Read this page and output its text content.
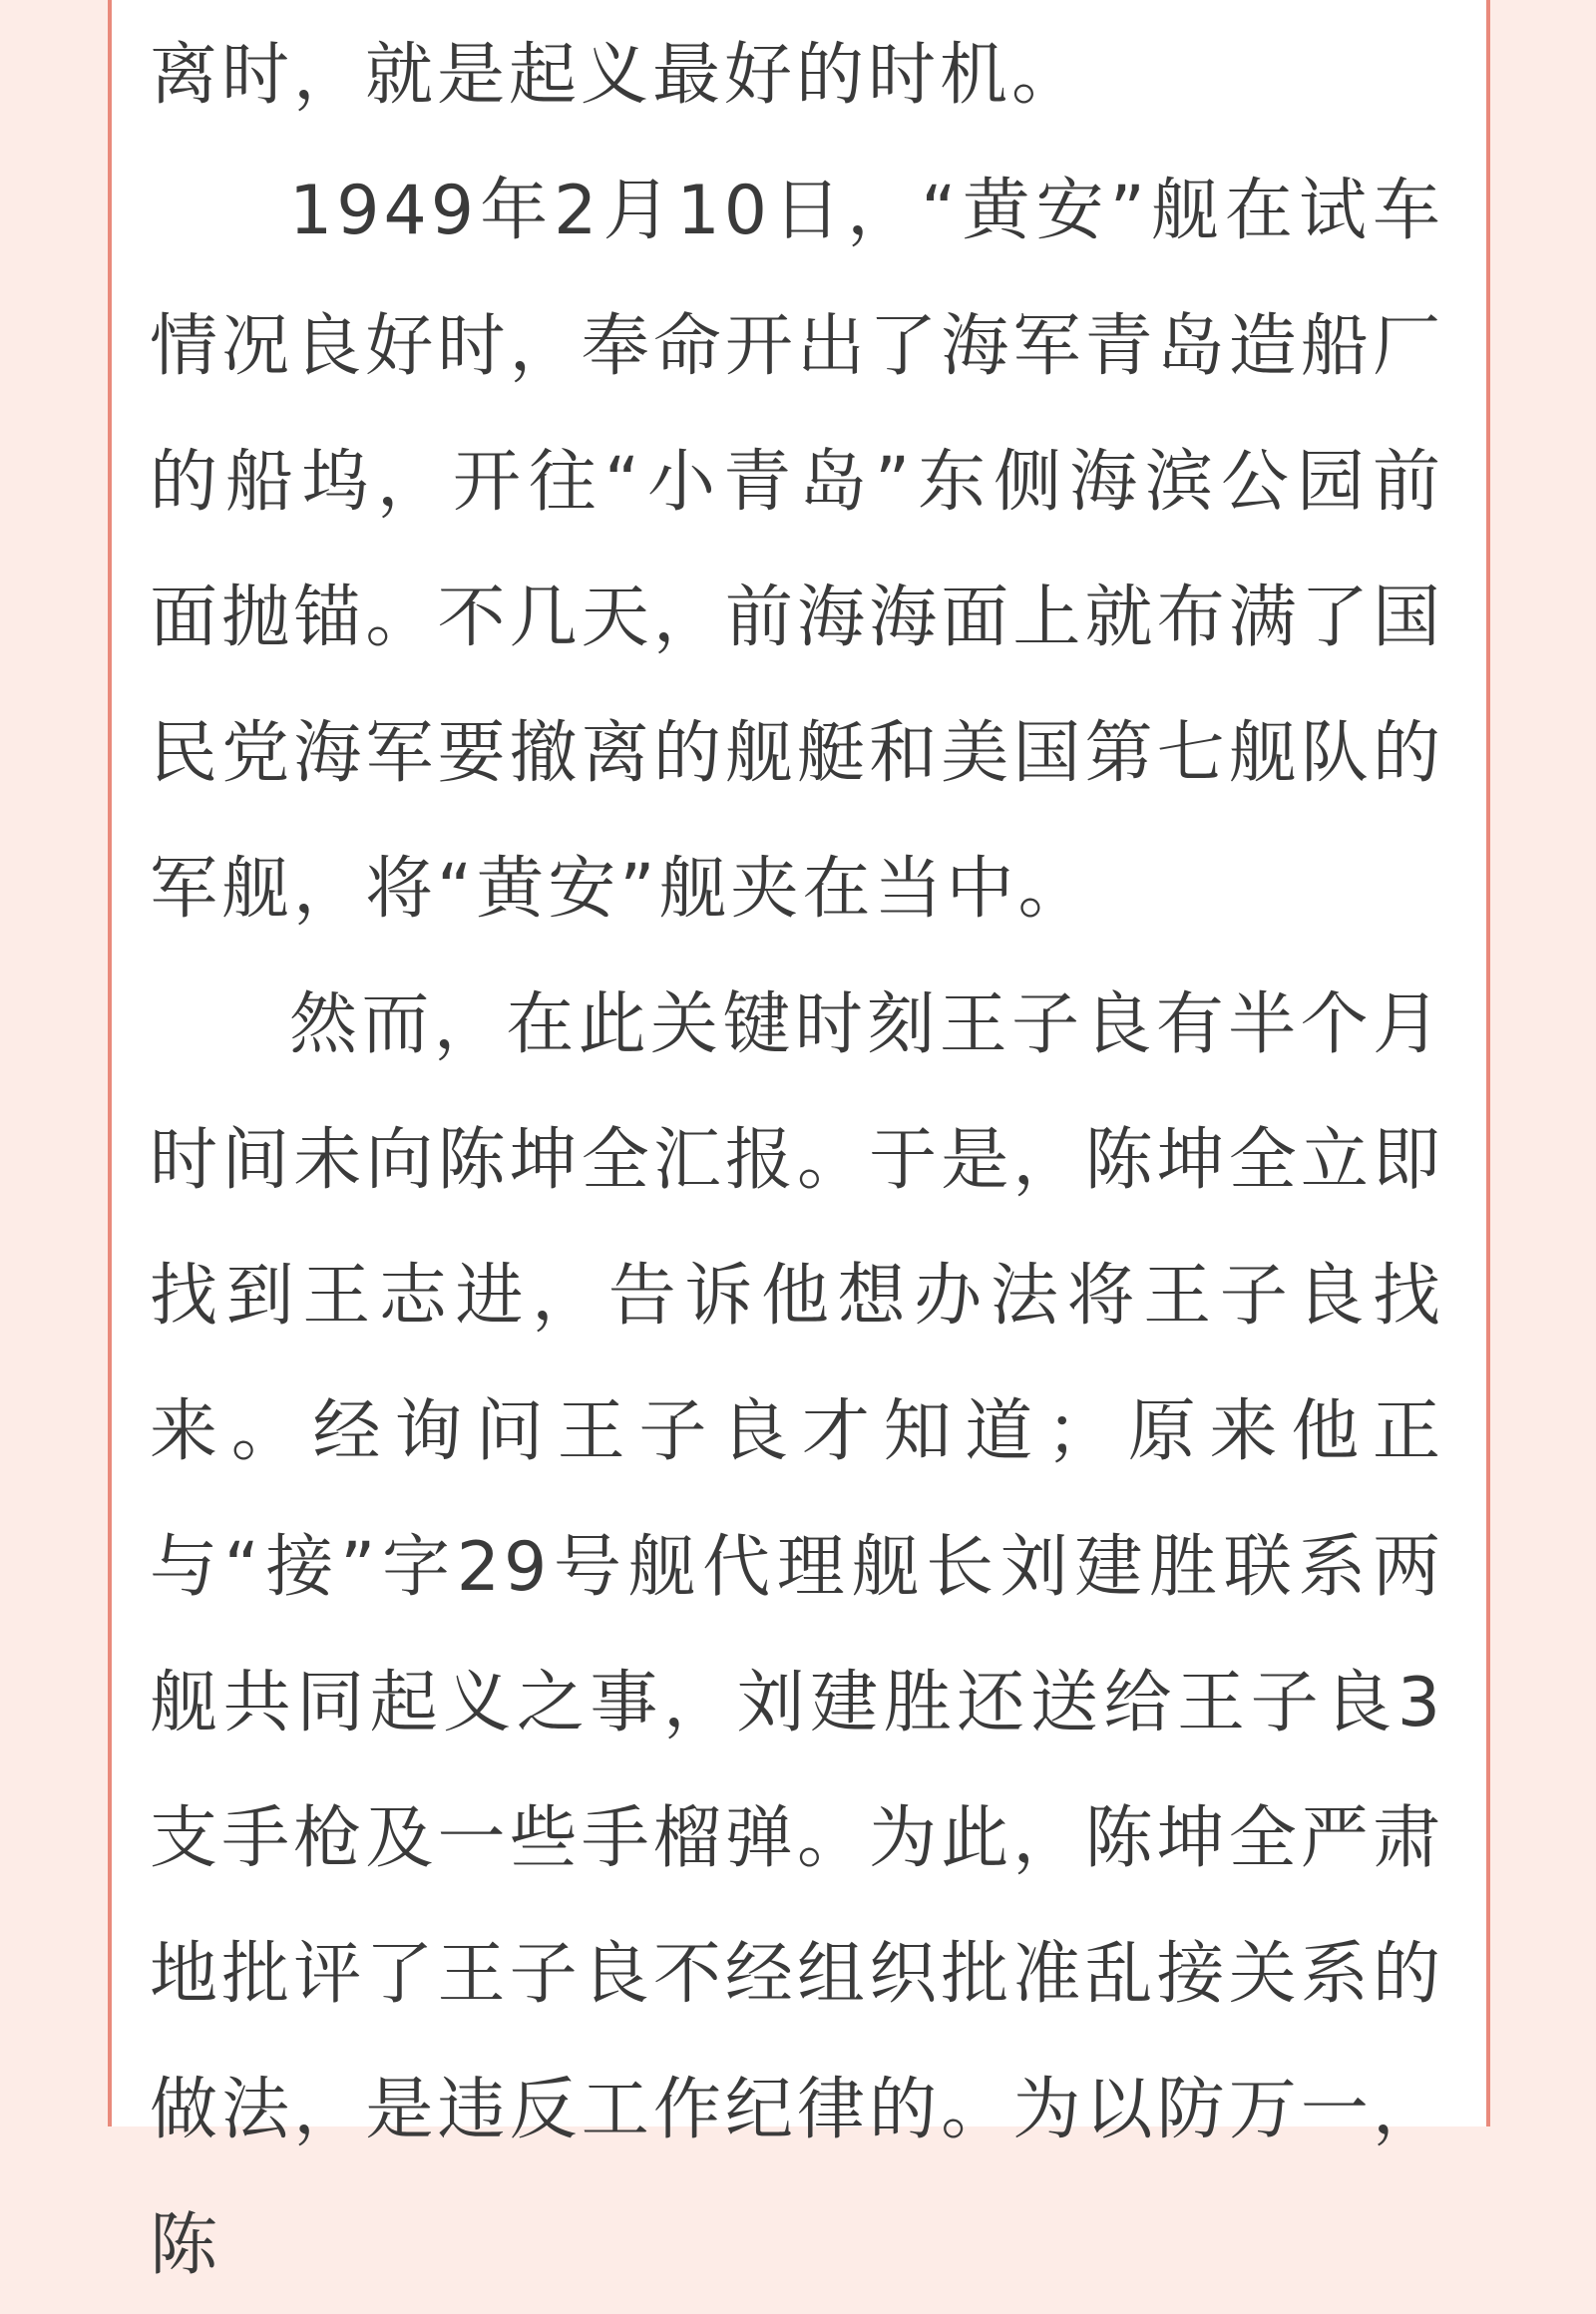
离时，就是起义最好的时机。

1949年2月10日，“黄安”舰在试车情况良好时，奉命开出了海军青岛造船厂的船坞，开往“小青岛”东侧海滨公园前面抛锚。不几天，前海海面上就布满了国民党海军要撤离的舰艇和美国第七舰队的军舰，将“黄安”舰夹在当中。

然而，在此关键时刻王子良有半个月时间未向陈坤全汇报。于是，陈坤全立即找到王志进，告诉他想办法将王子良找来。经询问王子良才知道；原来他正与“接”字29号舰代理舰长刘建胜联系两舰共同起义之事，刘建胜还送给王子良3支手枪及一些手榴弹。为此，陈坤全严肃地批评了王子良不经组织批准乱接关系的做法，是违反工作纪律的。为以防万一，陈
